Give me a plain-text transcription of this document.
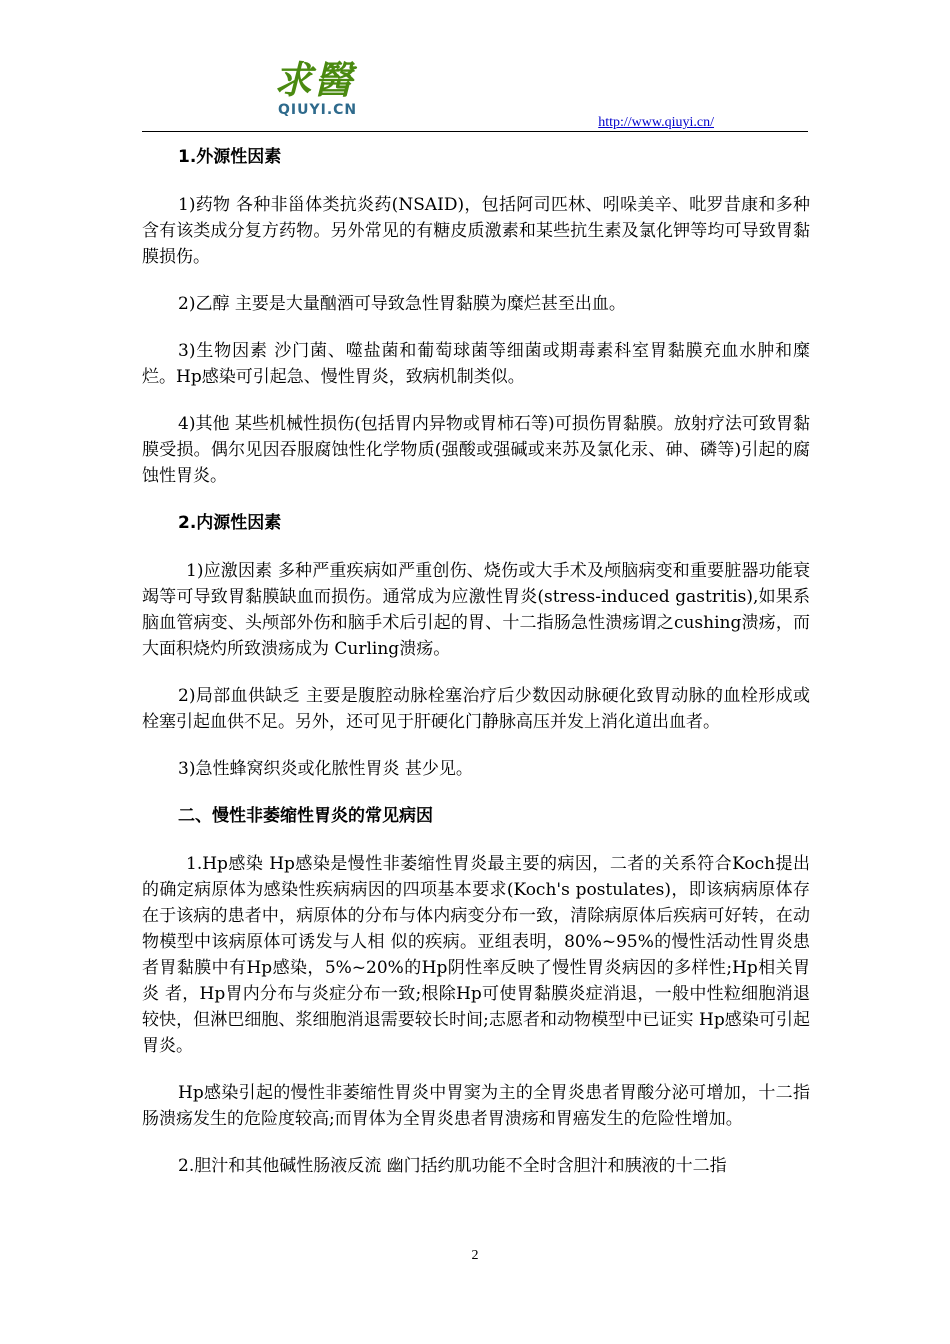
求醫
QIUYI.CN
http://www.qiuyi.cn/
1.外源性因素

1)药物 各种非甾体类抗炎药(NSAID)，包括阿司匹林、吲哚美辛、吡罗昔康和多种含有该类成分复方药物。另外常见的有糖皮质激素和某些抗生素及氯化钾等均可导致胃黏膜损伤。

2)乙醇 主要是大量酗酒可导致急性胃黏膜为糜烂甚至出血。

3)生物因素 沙门菌、噬盐菌和葡萄球菌等细菌或期毒素科室胃黏膜充血水肿和糜烂。Hp感染可引起急、慢性胃炎，致病机制类似。

4)其他 某些机械性损伤(包括胃内异物或胃柿石等)可损伤胃黏膜。放射疗法可致胃黏膜受损。偶尔见因吞服腐蚀性化学物质(强酸或强碱或来苏及氯化汞、砷、磷等)引起的腐蚀性胃炎。

2.内源性因素

1)应激因素 多种严重疾病如严重创伤、烧伤或大手术及颅脑病变和重要脏器功能衰竭等可导致胃黏膜缺血而损伤。通常成为应激性胃炎(stress-induced gastritis),如果系脑血管病变、头颅部外伤和脑手术后引起的胃、十二指肠急性溃疡谓之cushing溃疡，而大面积烧灼所致溃疡成为 Curling溃疡。

2)局部血供缺乏 主要是腹腔动脉栓塞治疗后少数因动脉硬化致胃动脉的血栓形成或栓塞引起血供不足。另外，还可见于肝硬化门静脉高压并发上消化道出血者。

3)急性蜂窝织炎或化脓性胃炎 甚少见。

二、慢性非萎缩性胃炎的常见病因

1.Hp感染 Hp感染是慢性非萎缩性胃炎最主要的病因，二者的关系符合Koch提出的确定病原体为感染性疾病病因的四项基本要求(Koch's postulates)，即该病病原体存在于该病的患者中，病原体的分布与体内病变分布一致，清除病原体后疾病可好转，在动物模型中该病原体可诱发与人相 似的疾病。亚组表明，80%~95%的慢性活动性胃炎患者胃黏膜中有Hp感染，5%~20%的Hp阴性率反映了慢性胃炎病因的多样性;Hp相关胃炎 者，Hp胃内分布与炎症分布一致;根除Hp可使胃黏膜炎症消退，一般中性粒细胞消退较快，但淋巴细胞、浆细胞消退需要较长时间;志愿者和动物模型中已证实 Hp感染可引起胃炎。

Hp感染引起的慢性非萎缩性胃炎中胃窦为主的全胃炎患者胃酸分泌可增加，十二指肠溃疡发生的危险度较高;而胃体为全胃炎患者胃溃疡和胃癌发生的危险性增加。

2.胆汁和其他碱性肠液反流 幽门括约肌功能不全时含胆汁和胰液的十二指

2
